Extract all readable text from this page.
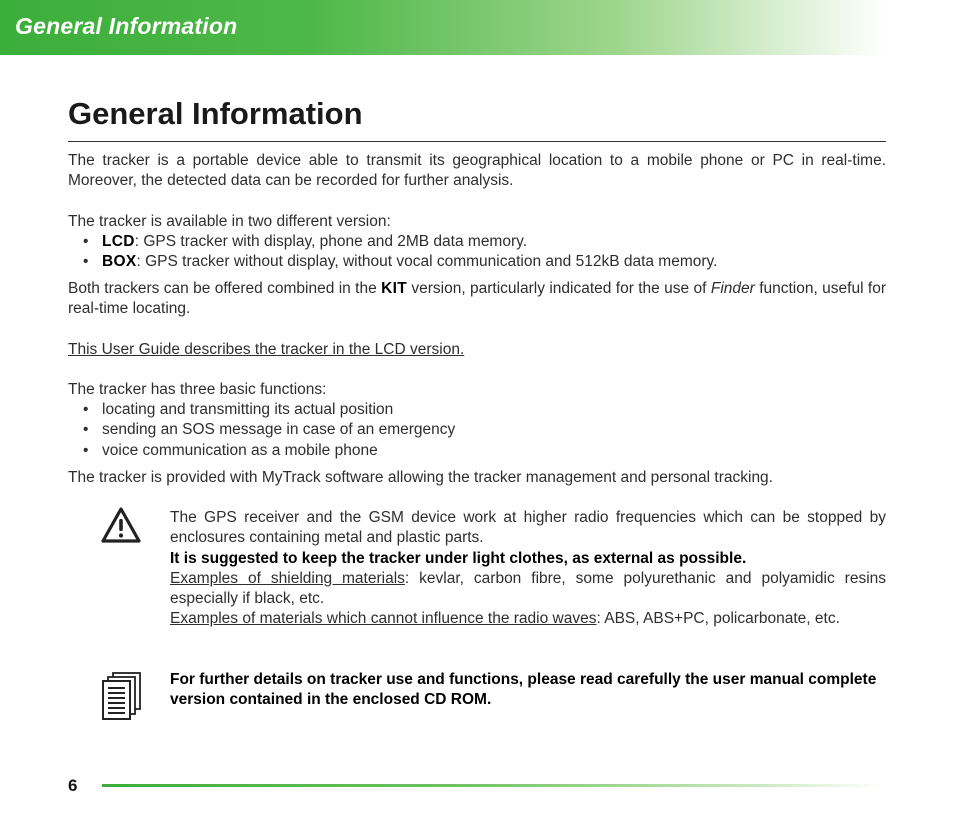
General Information
General Information
The tracker is a portable device able to transmit its geographical location to a mobile phone or PC in real-time. Moreover, the detected data can be recorded for further analysis.
The tracker is available in two different version:
• LCD: GPS tracker with display, phone and 2MB data memory.
• BOX: GPS tracker without display, without vocal communication and 512kB data memory.
Both trackers can be offered combined in the KIT version, particularly indicated for the use of Finder function, useful for real-time locating.
This User Guide describes the tracker in the LCD version.
The tracker has three basic functions:
• locating and transmitting its actual position
• sending an SOS message in case of an emergency
• voice communication as a mobile phone
The tracker is provided with MyTrack software allowing the tracker management and personal tracking.
The GPS receiver and the GSM device work at higher radio frequencies which can be stopped by enclosures containing metal and plastic parts.
It is suggested to keep the tracker under light clothes, as external as possible.
Examples of shielding materials: kevlar, carbon fibre, some polyurethanic and polyamidic resins especially if black, etc.
Examples of materials which cannot influence the radio waves: ABS, ABS+PC, policarbonate, etc.
For further details on tracker use and functions, please read carefully the user manual complete version contained in the enclosed CD ROM.
6
